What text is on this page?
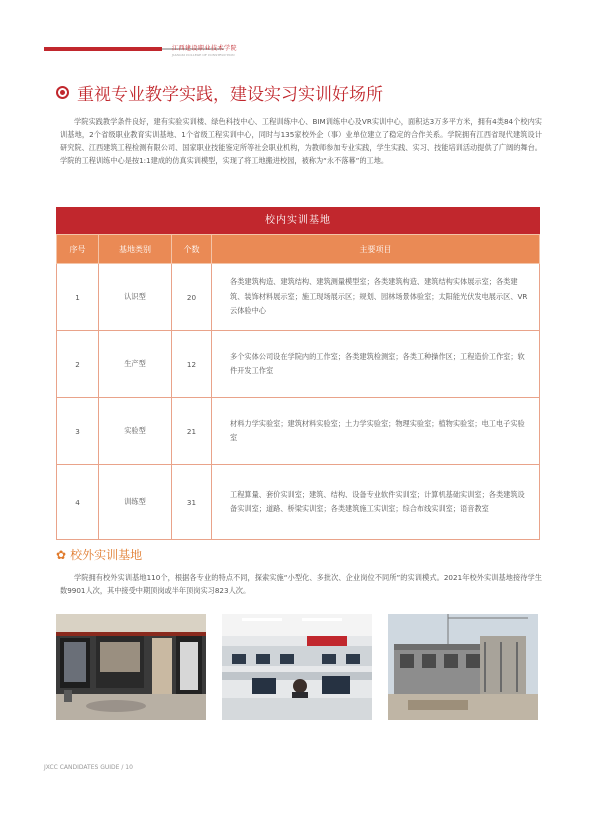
江西建设职业技术学院
JIANGXI COLLEGE OF CONSTRUCTION
重视专业教学实践，建设实习实训好场所

学院实践教学条件良好，建有实验实训楼、绿色科技中心、工程训练中心、BIM训练中心及VR实训中心，面积达3万多平方米，拥有4类84个校内实训基地，2个省级职业教育实训基地、1个省级工程实训中心，同时与135家校外企（事）业单位建立了稳定的合作关系。学院拥有江西省现代建筑设计研究院、江西建筑工程检测有限公司、国家职业技能鉴定所等社会职业机构，为教师参加专业实践，学生实践、实习、技能培训活动提供了广阔的舞台。学院的工程训练中心是按1:1建成的仿真实训模型，实现了将工地搬进校园，被称为“永不落幕”的工地。

校内实训基地
序号	基地类别	个数	主要项目
1	认识型	20	各类建筑构造、建筑结构、建筑测量模型室；各类建筑构造、建筑结构实体展示室；各类建筑、装饰材料展示室；施工现场展示区；规划、园林场景体验室；太阳能光伏发电展示区、VR云体验中心
2	生产型	12	多个实体公司设在学院内的工作室；各类建筑检测室；各类工种操作区；工程造价工作室；软件开发工作室
3	实验型	21	材料力学实验室；建筑材料实验室；土力学实验室；物理实验室；植物实验室；电工电子实验室
4	训练型	31	工程算量、套价实训室；建筑、结构、设备专业软件实训室；计算机基础实训室；各类建筑设备实训室；道路、桥梁实训室；各类建筑施工实训室；综合布线实训室；语音教室
✿ 校外实训基地

学院拥有校外实训基地110个，根据各专业的特点不同，探索实施“小型化、多批次、企业岗位不同所”的实训模式。2021年校外实训基地接待学生数9901人次，其中接受中期顶岗或半年顶岗实习823人次。

JXCC CANDIDATES GUIDE / 10
